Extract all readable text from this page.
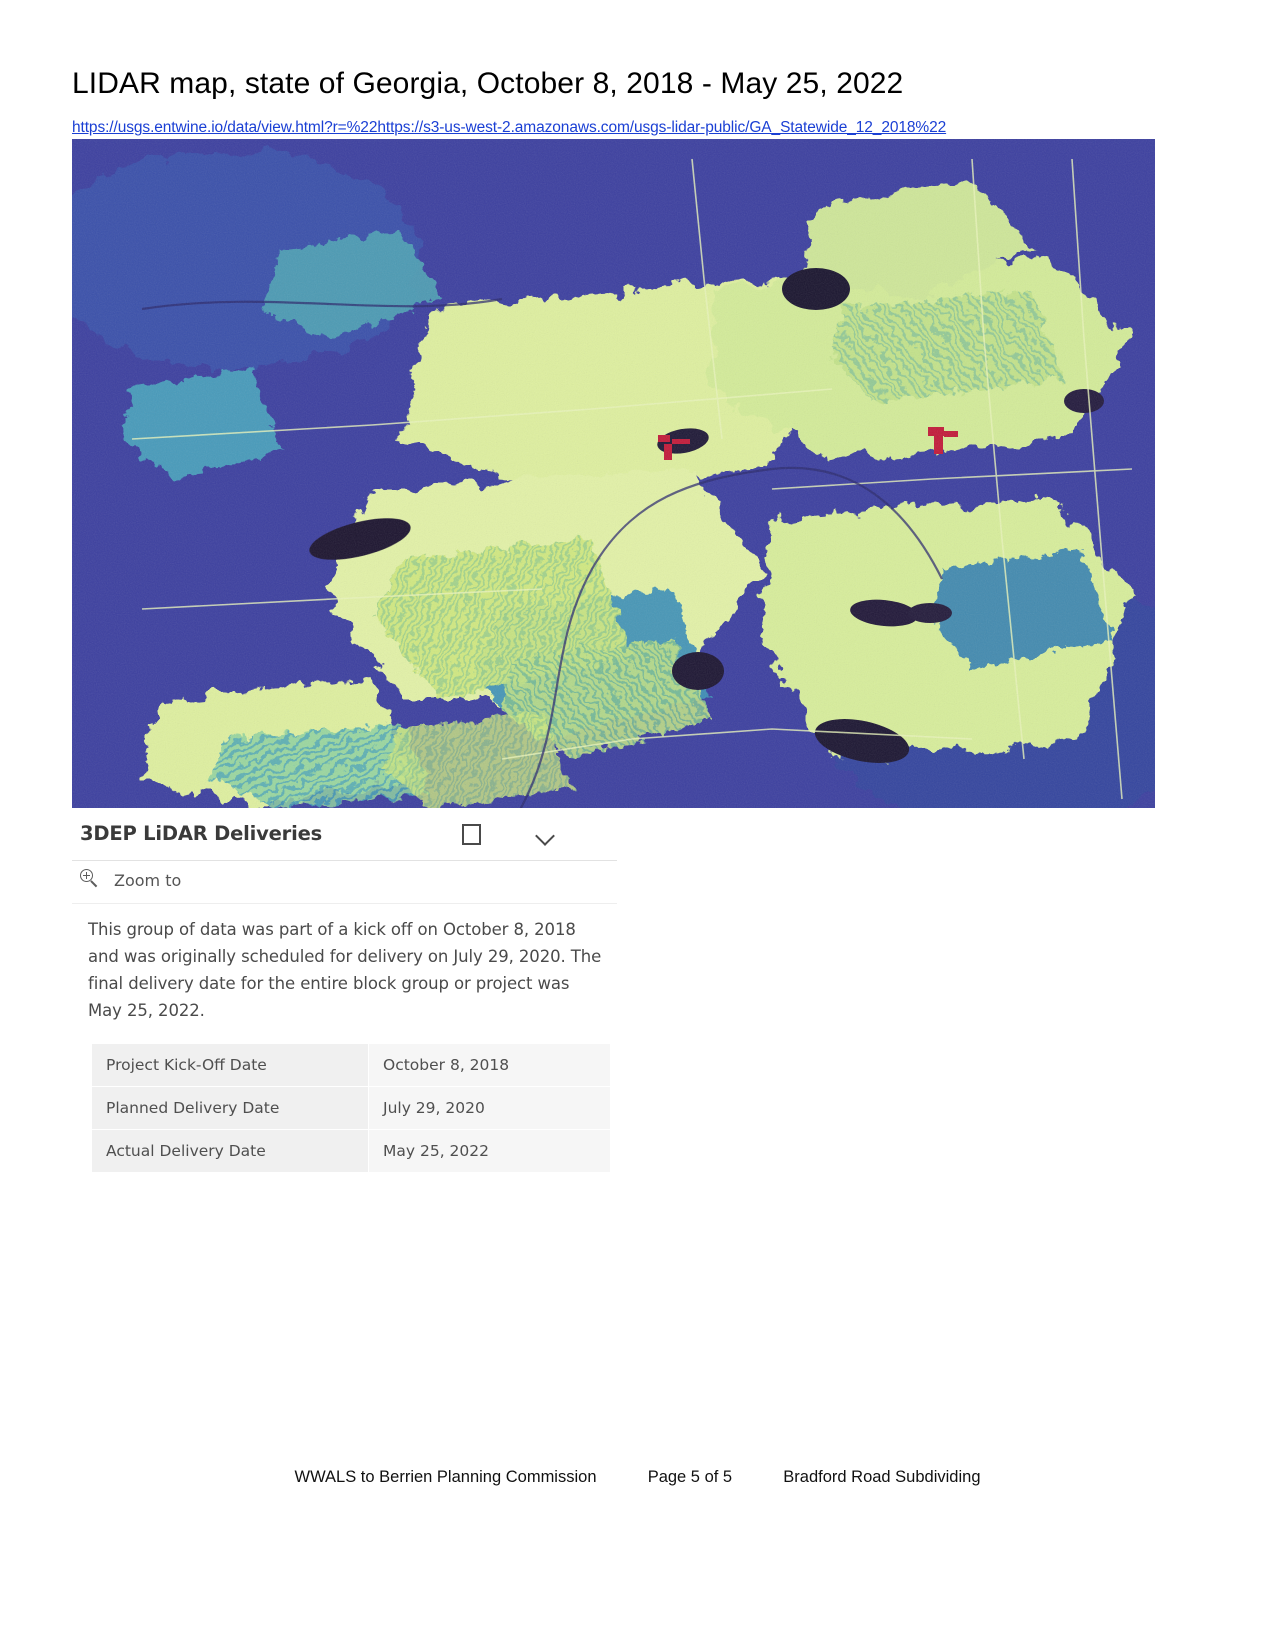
LIDAR map, state of Georgia, October 8, 2018 - May 25, 2022
https://usgs.entwine.io/data/view.html?r=%22https://s3-us-west-2.amazonaws.com/usgs-lidar-public/GA_Statewide_12_2018%22
3DEP LiDAR Deliveries
Zoom to
This group of data was part of a kick off on October 8, 2018 and was originally scheduled for delivery on July 29, 2020. The final delivery date for the entire block group or project was May 25, 2022.
Project Kick-Off Date	October 8, 2018
Planned Delivery Date	July 29, 2020
Actual Delivery Date	May 25, 2022
WWALS to Berrien Planning Commission	Page 5 of 5	Bradford Road Subdividing
